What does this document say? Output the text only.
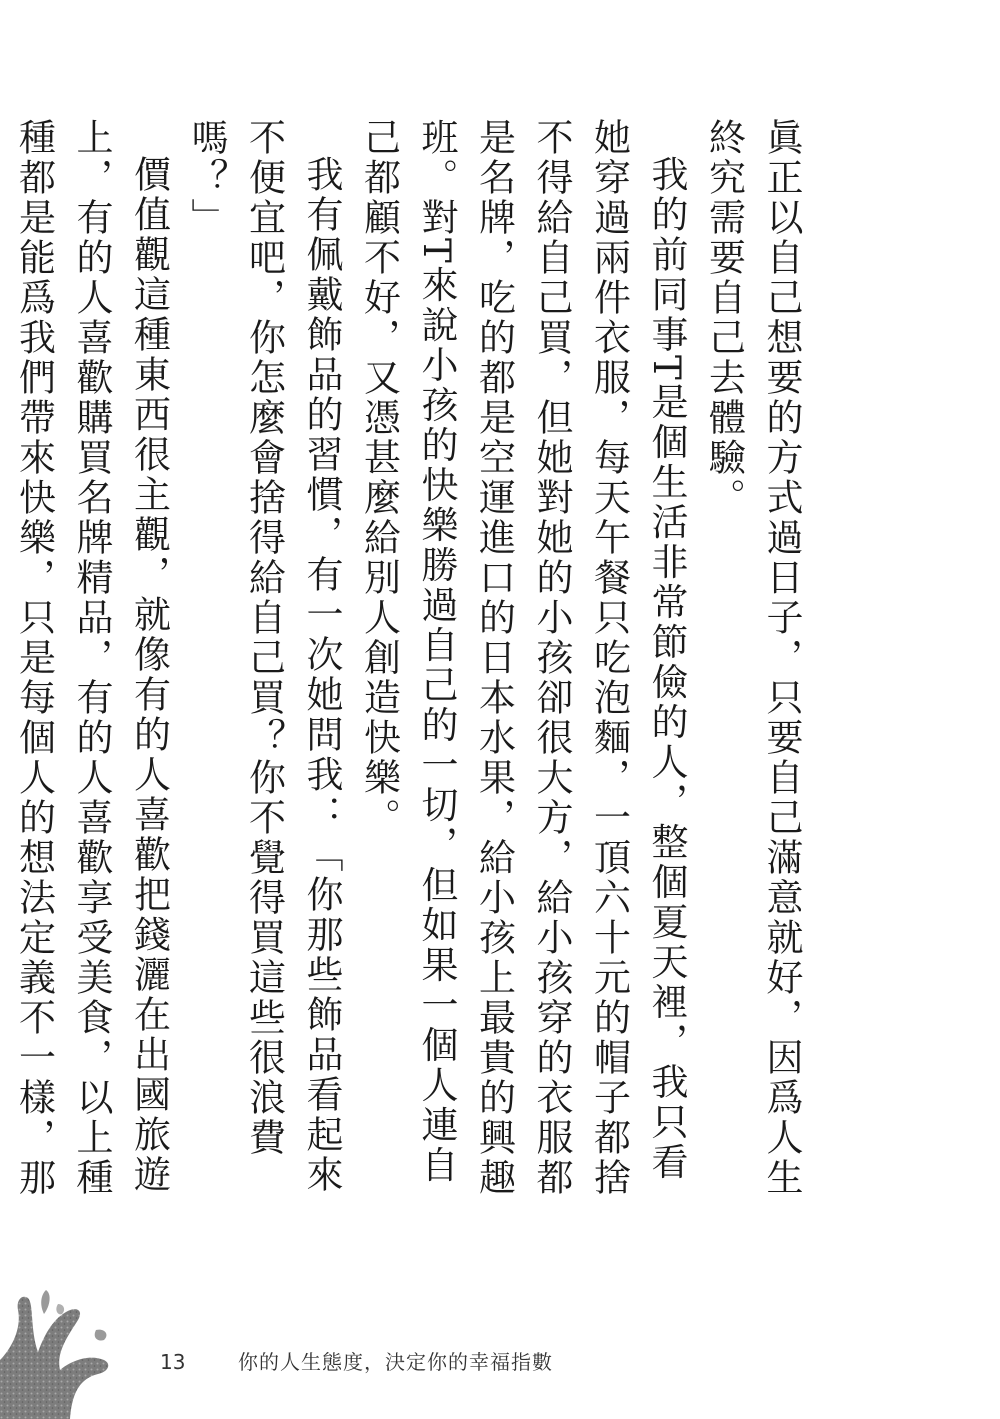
眞正以自己想要的方式過日子，只要自己滿意就好，因爲人生終究需要自己去體驗。

我的前同事T是個生活非常節儉的人，整個夏天裡，我只看她穿過兩件衣服，每天午餐只吃泡麵，一頂六十元的帽子都捨不得給自己買，但她對她的小孩卻很大方，給小孩穿的衣服都是名牌，吃的都是空運進口的日本水果，給小孩上最貴的興趣班。對T來說小孩的快樂勝過自己的一切，但如果一個人連自己都顧不好，又憑甚麼給別人創造快樂。

我有佩戴飾品的習慣，有一次她問我：「你那些飾品看起來不便宜吧，你怎麼會捨得給自己買？你不覺得買這些很浪費嗎？」

價值觀這種東西很主觀，就像有的人喜歡把錢灑在出國旅遊上，有的人喜歡購買名牌精品，有的人喜歡享受美食，以上種種都是能爲我們帶來快樂，只是每個人的想法定義不一樣，那

13	你的人生態度，決定你的幸福指數
